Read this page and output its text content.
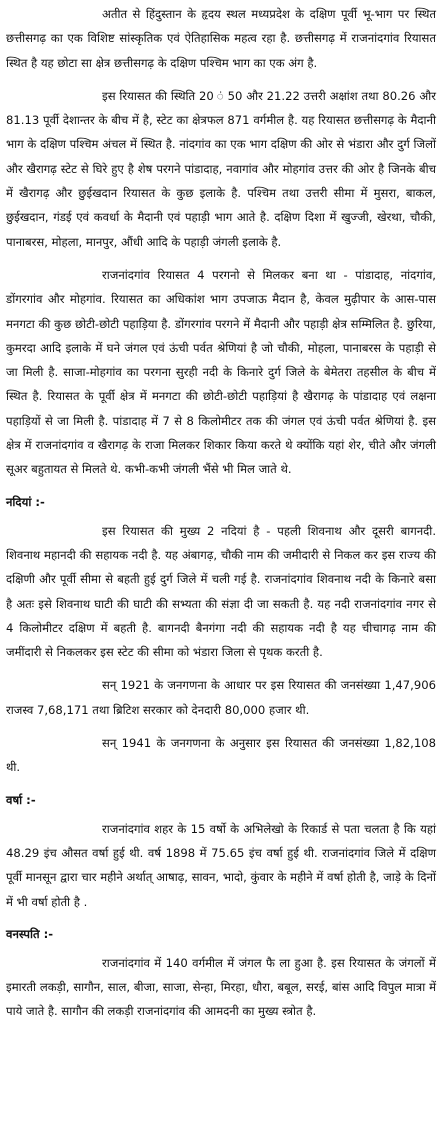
अतीत से हिंदुस्तान के हृदय स्थल मध्यप्रदेश के दक्षिण पूर्वी भू-भाग पर स्थित छत्तीसगढ़ का एक विशिष्ट सांस्कृतिक एवं ऐतिहासिक महत्व रहा है. छत्तीसगढ़ में राजनांदगांव रियासत स्थित है यह छोटा सा क्षेत्र छत्तीसगढ़ के दक्षिण पश्चिम भाग का एक अंग है.

इस रियासत की स्थिति 20 ं 50 और 21.22 उत्तरी अक्षांश तथा 80.26 और 81.13 पूर्वी देशान्तर के बीच में है, स्टेट का क्षेत्रफल 871 वर्गमील है. यह रियासत छत्तीसगढ़ के मैदानी भाग के दक्षिण पश्चिम अंचल में स्थित है. नांदगांव का एक भाग दक्षिण की ओर से भंडारा और दुर्ग जिलों और खैरागढ़ स्टेट से घिरे हुए है शेष परगने पांडादाह, नवागांव और मोहगांव उत्तर की ओर है जिनके बीच में खैरागढ़ और छुईखदान रियासत के कुछ इलाके है. पश्चिम तथा उत्तरी सीमा में मुसरा, बाकल, छुईखदान, गंडई एवं कवर्धा के मैदानी एवं पहाड़ी भाग आते है. दक्षिण दिशा में खुज्जी, खेरथा, चौकी, पानाबरस, मोहला, मानपुर, औंधी आदि के पहाड़ी जंगली इलाके है.

राजनांदगांव रियासत 4 परगनो से मिलकर बना था - पांडादाह, नांदगांव, डोंगरगांव और मोहगांव. रियासत का अधिकांश भाग उपजाऊ मैदान है, केवल मुढ़ीपार के आस-पास मनगटा की कुछ छोटी-छोटी पहाड़िया है. डोंगरगांव परगने में मैदानी और पहाड़ी क्षेत्र सम्मिलित है. छुरिया, कुमरदा आदि इलाके में घने जंगल एवं ऊंची पर्वत श्रेणियां है जो चौकी, मोहला, पानाबरस के पहाड़ी से जा मिली है. साजा-मोहगांव का परगना सुरही नदी के किनारे दुर्ग जिले के बेमेतरा तहसील के बीच में स्थित है. रियासत के पूर्वी क्षेत्र में मनगटा की छोटी-छोटी पहाड़ियां है खैरागढ़ के पांडादाह एवं लक्षना पहाड़ियों से जा मिली है. पांडादाह में 7 से 8 किलोमीटर तक की जंगल एवं ऊंची पर्वत श्रेणियां है. इस क्षेत्र में राजनांदगांव व खैरागढ़ के राजा मिलकर शिकार किया करते थे क्योंकि यहां शेर, चीते और जंगली सूअर बहुतायत से मिलते थे. कभी-कभी जंगली भैंसे भी मिल जाते थे.

नदियां :-

इस रियासत की मुख्य 2 नदियां है - पहली शिवनाथ और दूसरी बागनदी. शिवनाथ महानदी की सहायक नदी है. यह अंबागढ़, चौकी नाम की जमीदारी से निकल कर इस राज्य की दक्षिणी और पूर्वी सीमा से बहती हुई दुर्ग जिले में चली गई है. राजनांदगांव शिवनाथ नदी के किनारे बसा है अतः इसे शिवनाथ घाटी की घाटी की सभ्यता की संज्ञा दी जा सकती है. यह नदी राजनांदगांव नगर से 4 किलोमीटर दक्षिण में बहती है. बागनदी बैनगंगा नदी की सहायक नदी है यह चीचागढ़ नाम की जमींदारी से निकलकर इस स्टेट की सीमा को भंडारा जिला से पृथक करती है.

सन् 1921 के जनगणना के आधार पर इस रियासत की जनसंख्या 1,47,906 राजस्व 7,68,171 तथा ब्रिटिश सरकार को देनदारी 80,000 हजार थी.

सन् 1941 के जनगणना के अनुसार इस रियासत की जनसंख्या 1,82,108 थी.

वर्षा :-

राजनांदगांव शहर के 15 वर्षो के अभिलेखो के रिकार्ड से पता चलता है कि यहां 48.29 इंच औसत वर्षा हुई थी. वर्ष 1898 में 75.65 इंच वर्षा हुई थी. राजनांदगांव जिले में दक्षिण पूर्वी मानसून द्वारा चार महीने अर्थात् आषाढ़, सावन, भादो, कुंवार के महीने में वर्षा होती है, जाड़े के दिनों में भी वर्षा होती है .

वनस्पति :-

राजनांदगांव में 140 वर्गमील में जंगल फै ला हुआ है. इस रियासत के जंगलों में इमारती लकड़ी, सागौन, साल, बीजा, साजा, सेन्हा, मिरहा, धौरा, बबूल, सरई, बांस आदि विपुल मात्रा में पाये जाते है. सागौन की लकड़ी राजनांदगांव की आमदनी का मुख्य स्त्रोत है.
